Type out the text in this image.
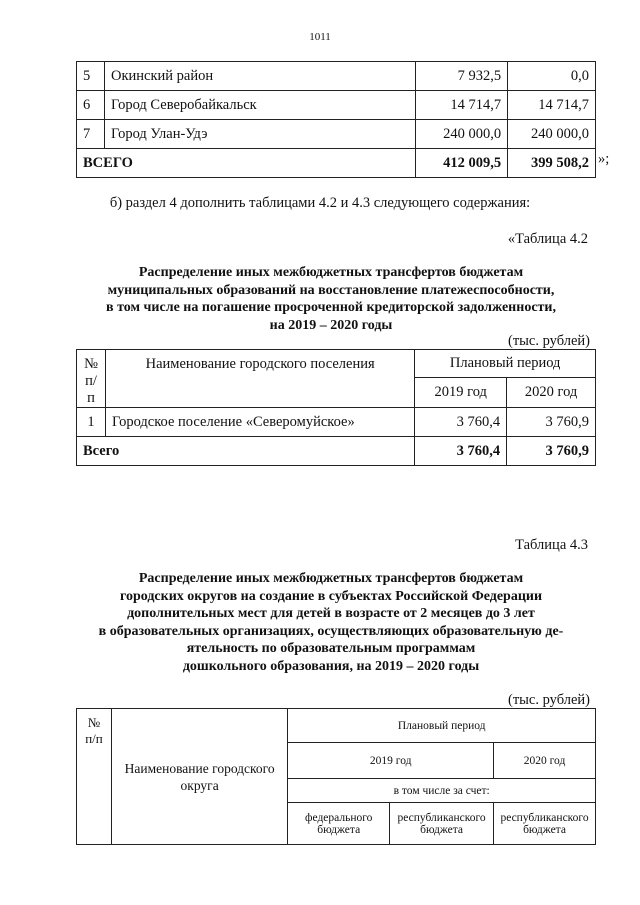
1011
5	Окинский район	7 932,5	0,0
6	Город Северобайкальск	14 714,7	14 714,7
7	Город Улан-Удэ	240 000,0	240 000,0
ВСЕГО		412 009,5	399 508,2 »;
б) раздел 4 дополнить таблицами 4.2 и 4.3 следующего содержания:
«Таблица 4.2
Распределение иных межбюджетных трансфертов бюджетам
муниципальных образований на восстановление платежеспособности,
в том числе на погашение просроченной кредиторской задолженности,
на 2019 – 2020 годы
(тыс. рублей)
№ п/п	Наименование городского поселения	Плановый период	
		2019 год	2020 год
1	Городское поселение «Северомуйское»	3 760,4	3 760,9
Всего		3 760,4	3 760,9
Таблица 4.3
Распределение иных межбюджетных трансфертов бюджетам
городских округов на создание в субъектах Российской Федерации
дополнительных мест для детей в возрасте от 2 месяцев до 3 лет
в образовательных организациях, осуществляющих образовательную де-
ятельность по образовательным программам
дошкольного образования, на 2019 – 2020 годы
(тыс. рублей)
№ п/п	Наименование городского округа	Плановый период		
		2019 год		2020 год
		в том числе за счет:		
		федерального бюджета	республиканского бюджета	республиканского бюджета
